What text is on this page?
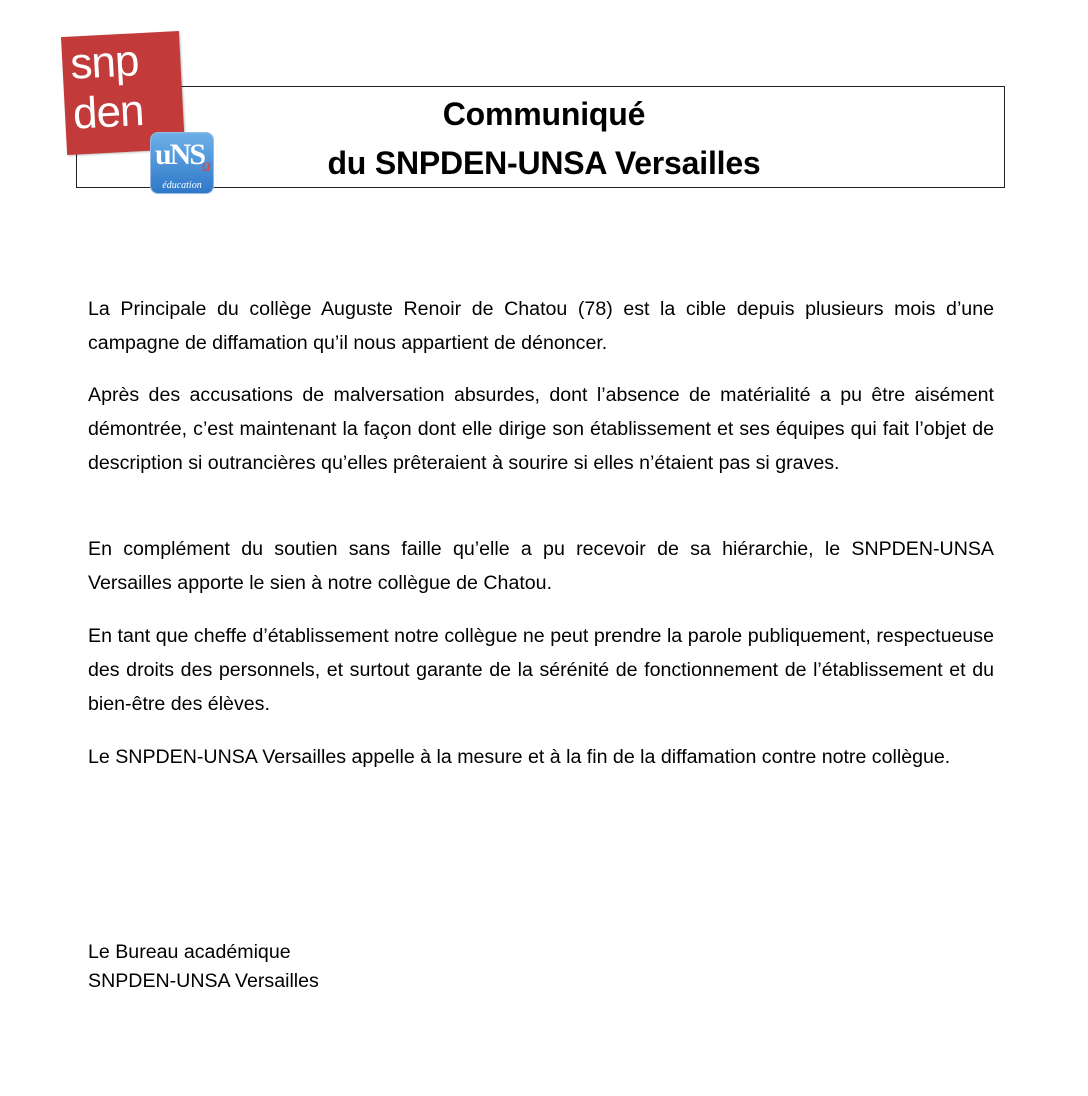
Communiqué
du SNPDEN-UNSA Versailles
snp
den
uNS
a
éducation
La Principale du collège Auguste Renoir de Chatou (78) est la cible depuis plusieurs mois d’une campagne de diffamation qu’il nous appartient de dénoncer.
Après des accusations de malversation absurdes, dont l’absence de matérialité a pu être aisément démontrée, c’est maintenant la façon dont elle dirige son établissement et ses équipes qui fait l’objet de description si outrancières qu’elles prêteraient à sourire si elles n’étaient pas si graves.
En complément du soutien sans faille qu’elle a pu recevoir de sa hiérarchie, le SNPDEN-UNSA Versailles apporte le sien à notre collègue de Chatou.
En tant que cheffe d’établissement notre collègue ne peut prendre la parole publiquement, respectueuse des droits des personnels, et surtout garante de la sérénité de fonctionnement de l’établissement et du bien-être des élèves.
Le SNPDEN-UNSA Versailles appelle à la mesure et à la fin de la diffamation contre notre collègue.
Le Bureau académique
SNPDEN-UNSA Versailles
